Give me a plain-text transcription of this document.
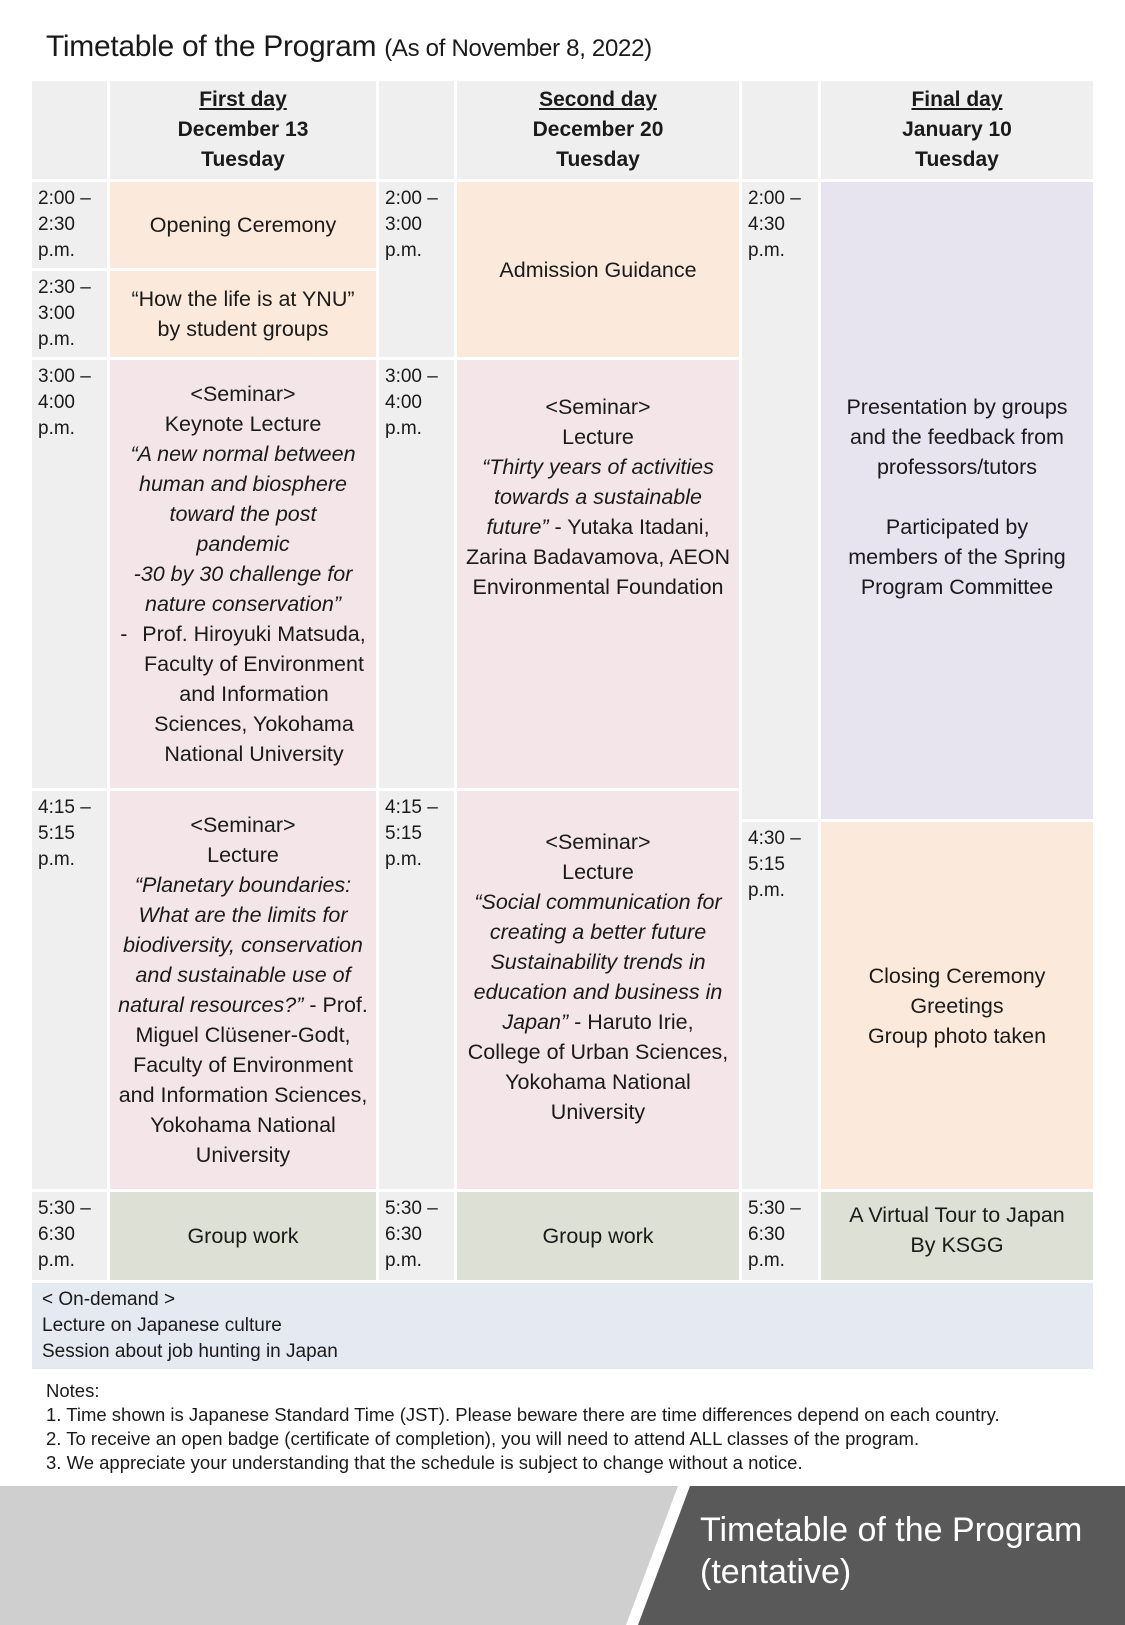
Timetable of the Program (As of November 8, 2022)
First day
December 13
Tuesday
Second day
December 20
Tuesday
Final day
January 10
Tuesday
2:00 –
2:30
p.m.
Opening Ceremony
2:30 –
3:00
p.m.
“How the life is at YNU”
by student groups
3:00 –
4:00
p.m.
<Seminar>
Keynote Lecture
“A new normal between
human and biosphere
toward the post
pandemic
-30 by 30 challenge for
nature conservation”
- Prof. Hiroyuki Matsuda,
Faculty of Environment
and Information
Sciences, Yokohama
National University
4:15 –
5:15
p.m.
<Seminar>
Lecture
“Planetary boundaries:
What are the limits for
biodiversity, conservation
and sustainable use of
natural resources?” - Prof.
Miguel Clüsener-Godt,
Faculty of Environment
and Information Sciences,
Yokohama National
University
5:30 –
6:30
p.m.
Group work
2:00 –
3:00
p.m.
Admission Guidance
3:00 –
4:00
p.m.
<Seminar>
Lecture
“Thirty years of activities
towards a sustainable
future” - Yutaka Itadani,
Zarina Badavamova, AEON
Environmental Foundation
4:15 –
5:15
p.m.
<Seminar>
Lecture
“Social communication for
creating a better future
Sustainability trends in
education and business in
Japan” - Haruto Irie,
College of Urban Sciences,
Yokohama National
University
5:30 –
6:30
p.m.
Group work
2:00 –
4:30
p.m.
Presentation by groups
and the feedback from
professors/tutors
Participated by
members of the Spring
Program Committee
4:30 –
5:15
p.m.
Closing Ceremony
Greetings
Group photo taken
5:30 –
6:30
p.m.
A Virtual Tour to Japan
By KSGG
< On-demand >
Lecture on Japanese culture
Session about job hunting in Japan
Notes:
1. Time shown is Japanese Standard Time (JST). Please beware there are time differences depend on each country.
2. To receive an open badge (certificate of completion), you will need to attend ALL classes of the program.
3. We appreciate your understanding that the schedule is subject to change without a notice.
Timetable of the Program
(tentative)
